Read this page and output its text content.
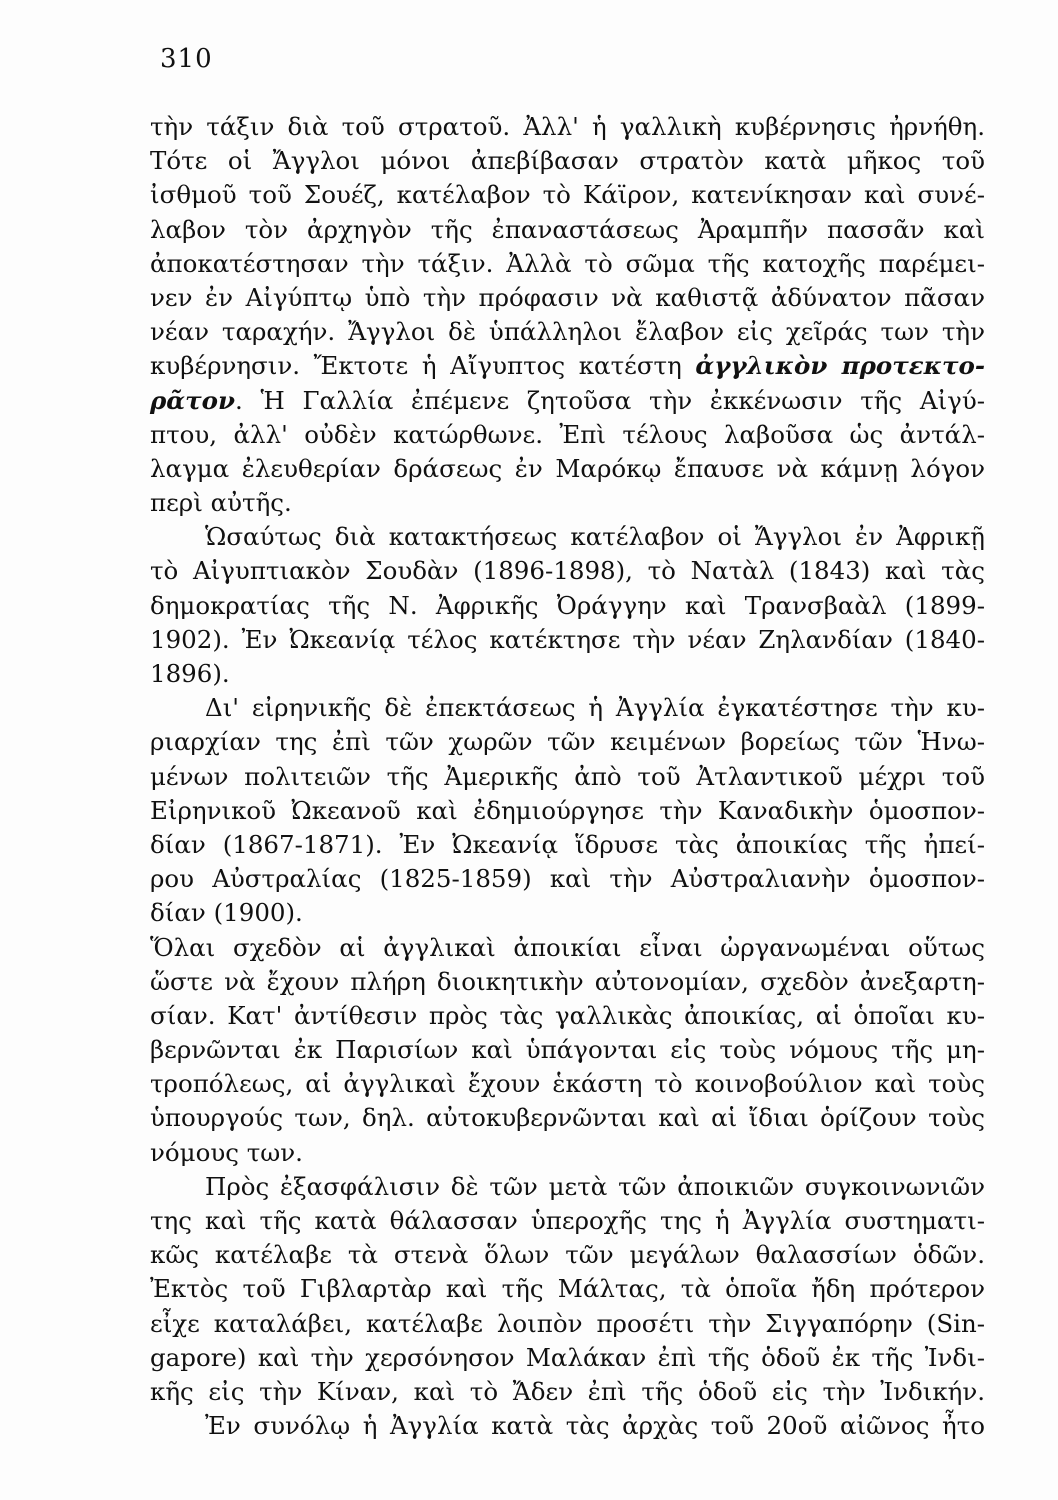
310
τὴν τάξιν διὰ τοῦ στρατοῦ. Ἀλλ' ἡ γαλλικὴ κυβέρνησις ἠρνήθη.
Τότε οἱ Ἄγγλοι μόνοι ἀπεβίβασαν στρατὸν κατὰ μῆκος τοῦ
ἰσθμοῦ τοῦ Σουέζ, κατέλαβον τὸ Κάϊρον, κατενίκησαν καὶ συνέ-
λαβον τὸν ἀρχηγὸν τῆς ἐπαναστάσεως Ἀραμπῆν πασσᾶν καὶ
ἀποκατέστησαν τὴν τάξιν. Ἀλλὰ τὸ σῶμα τῆς κατοχῆς παρέμει-
νεν ἐν Αἰγύπτῳ ὑπὸ τὴν πρόφασιν νὰ καθιστᾷ ἀδύνατον πᾶσαν
νέαν ταραχήν. Ἄγγλοι δὲ ὑπάλληλοι ἔλαβον εἰς χεῖράς των τὴν
κυβέρνησιν. Ἔκτοτε ἡ Αἴγυπτος κατέστη ἀγγλικὸν προτεκτο-
ρᾶτον. Ἡ Γαλλία ἐπέμενε ζητοῦσα τὴν ἐκκένωσιν τῆς Αἰγύ-
πτου, ἀλλ' οὐδὲν κατώρθωνε. Ἐπὶ τέλους λαβοῦσα ὡς ἀντάλ-
λαγμα ἐλευθερίαν δράσεως ἐν Μαρόκῳ ἔπαυσε νὰ κάμνῃ λόγον
περὶ αὐτῆς.
Ὡσαύτως διὰ κατακτήσεως κατέλαβον οἱ Ἄγγλοι ἐν Ἀφρικῇ
τὸ Αἰγυπτιακὸν Σουδὰν (1896-1898), τὸ Νατὰλ (1843) καὶ τὰς
δημοκρατίας τῆς Ν. Ἀφρικῆς Ὀράγγην καὶ Τρανσβαὰλ (1899-
1902). Ἐν Ὠκεανίᾳ τέλος κατέκτησε τὴν νέαν Ζηλανδίαν (1840-
1896).
Δι' εἰρηνικῆς δὲ ἐπεκτάσεως ἡ Ἀγγλία ἐγκατέστησε τὴν κυ-
ριαρχίαν της ἐπὶ τῶν χωρῶν τῶν κειμένων βορείως τῶν Ἡνω-
μένων πολιτειῶν τῆς Ἀμερικῆς ἀπὸ τοῦ Ἀτλαντικοῦ μέχρι τοῦ
Εἰρηνικοῦ Ὠκεανοῦ καὶ ἐδημιούργησε τὴν Καναδικὴν ὁμοσπον-
δίαν (1867-1871). Ἐν Ὠκεανίᾳ ἵδρυσε τὰς ἀποικίας τῆς ἠπεί-
ρου Αὐστραλίας (1825-1859) καὶ τὴν Αὐστραλιανὴν ὁμοσπον-
δίαν (1900).
Ὅλαι σχεδὸν αἱ ἀγγλικαὶ ἀποικίαι εἶναι ὠργανωμέναι οὕτως
ὥστε νὰ ἔχουν πλήρη διοικητικὴν αὐτονομίαν, σχεδὸν ἀνεξαρτη-
σίαν. Κατ' ἀντίθεσιν πρὸς τὰς γαλλικὰς ἀποικίας, αἱ ὁποῖαι κυ-
βερνῶνται ἐκ Παρισίων καὶ ὑπάγονται εἰς τοὺς νόμους τῆς μη-
τροπόλεως, αἱ ἀγγλικαὶ ἔχουν ἑκάστη τὸ κοινοβούλιον καὶ τοὺς
ὑπουργούς των, δηλ. αὐτοκυβερνῶνται καὶ αἱ ἴδιαι ὁρίζουν τοὺς
νόμους των.
Πρὸς ἐξασφάλισιν δὲ τῶν μετὰ τῶν ἀποικιῶν συγκοινωνιῶν
της καὶ τῆς κατὰ θάλασσαν ὑπεροχῆς της ἡ Ἀγγλία συστηματι-
κῶς κατέλαβε τὰ στενὰ ὅλων τῶν μεγάλων θαλασσίων ὁδῶν.
Ἐκτὸς τοῦ Γιβλαρτὰρ καὶ τῆς Μάλτας, τὰ ὁποῖα ἤδη πρότερον
εἶχε καταλάβει, κατέλαβε λοιπὸν προσέτι τὴν Σιγγαπόρην (Sin-
gapore) καὶ τὴν χερσόνησον Μαλάκαν ἐπὶ τῆς ὁδοῦ ἐκ τῆς Ἰνδι-
κῆς εἰς τὴν Κίναν, καὶ τὸ Ἄδεν ἐπὶ τῆς ὁδοῦ εἰς τὴν Ἰνδικήν.
Ἐν συνόλῳ ἡ Ἀγγλία κατὰ τὰς ἀρχὰς τοῦ 20οῦ αἰῶνος ἦτο
